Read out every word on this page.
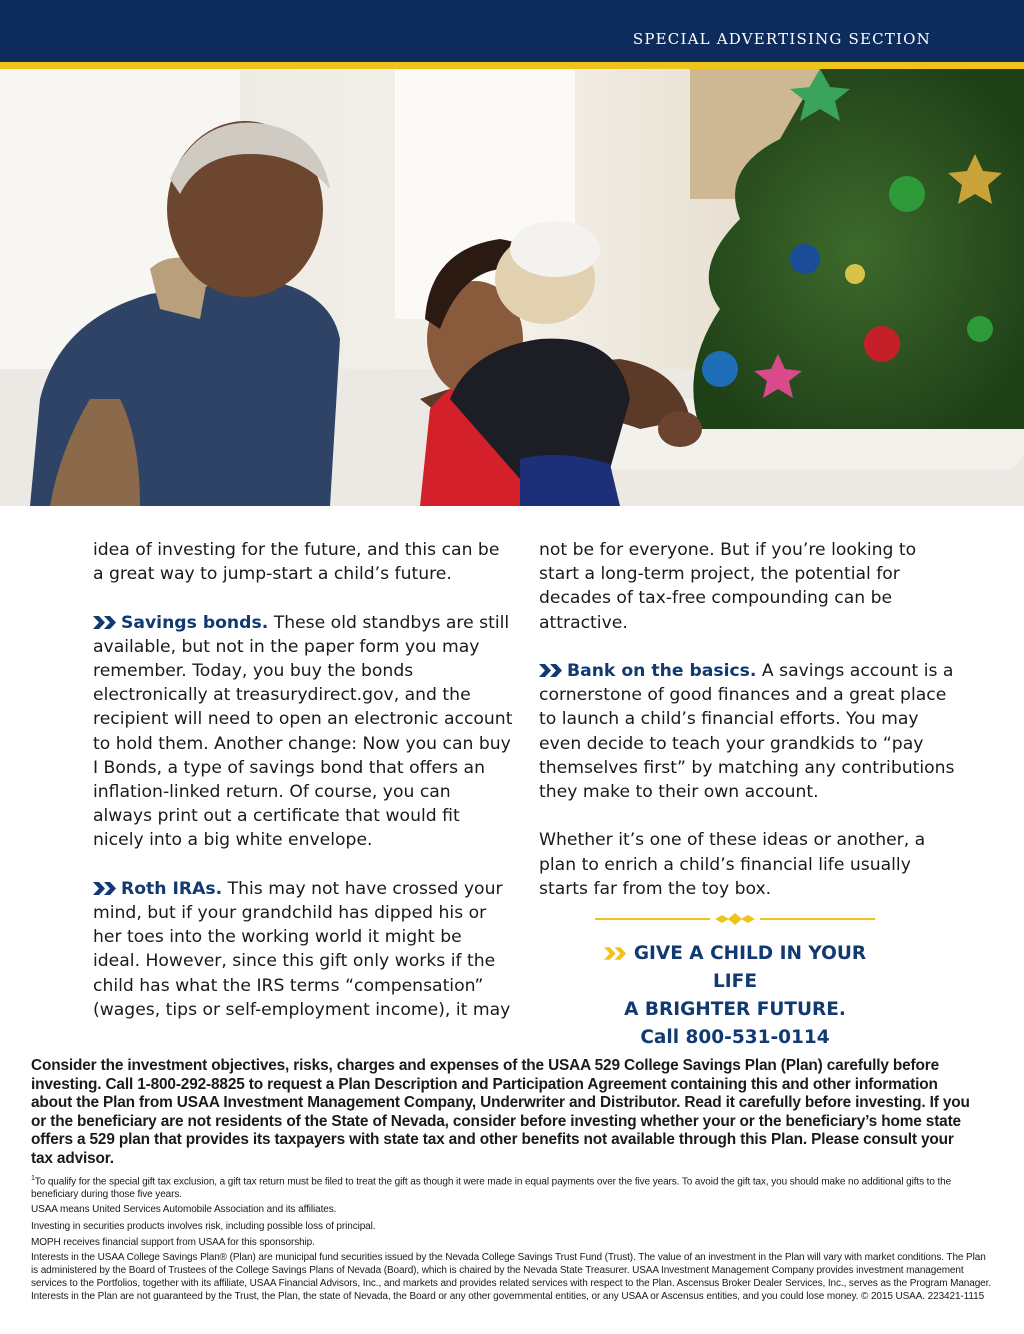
SPECIAL ADVERTISING SECTION

idea of investing for the future, and this can be a great way to jump-start a child’s future.

Savings bonds. These old standbys are still available, but not in the paper form you may remember. Today, you buy the bonds electronically at treasurydirect.gov, and the recipient will need to open an electronic account to hold them. Another change: Now you can buy I Bonds, a type of savings bond that offers an inflation-linked return. Of course, you can always print out a certificate that would fit nicely into a big white envelope.

Roth IRAs. This may not have crossed your mind, but if your grandchild has dipped his or her toes into the working world it might be ideal. However, since this gift only works if the child has what the IRS terms “compensation” (wages, tips or self-employment income), it may

not be for everyone. But if you’re looking to start a long-term project, the potential for decades of tax-free compounding can be attractive.

Bank on the basics. A savings account is a cornerstone of good finances and a great place to launch a child’s financial efforts. You may even decide to teach your grandkids to “pay themselves first” by matching any contributions they make to their own account.

Whether it’s one of these ideas or another, a plan to enrich a child’s financial life usually starts far from the toy box.

GIVE A CHILD IN YOUR LIFE
A BRIGHTER FUTURE.
Call 800-531-0114
Consider the investment objectives, risks, charges and expenses of the USAA 529 College Savings Plan (Plan) carefully before investing. Call 1-800-292-8825 to request a Plan Description and Participation Agreement containing this and other information about the Plan from USAA Investment Management Company, Underwriter and Distributor. Read it carefully before investing. If you or the beneficiary are not residents of the State of Nevada, consider before investing whether your or the beneficiary’s home state offers a 529 plan that provides its taxpayers with state tax and other benefits not available through this Plan. Please consult your tax advisor.
$^1$To qualify for the special gift tax exclusion, a gift tax return must be filed to treat the gift as though it were made in equal payments over the five years. To avoid the gift tax, you should make no additional gifts to the beneficiary during those five years.
USAA means United Services Automobile Association and its affiliates.
Investing in securities products involves risk, including possible loss of principal.
MOPH receives financial support from USAA for this sponsorship.
Interests in the USAA College Savings Plan® (Plan) are municipal fund securities issued by the Nevada College Savings Trust Fund (Trust). The value of an investment in the Plan will vary with market conditions. The Plan is administered by the Board of Trustees of the College Savings Plans of Nevada (Board), which is chaired by the Nevada State Treasurer. USAA Investment Management Company provides investment management services to the Portfolios, together with its affiliate, USAA Financial Advisors, Inc., and markets and provides related services with respect to the Plan. Ascensus Broker Dealer Services, Inc., serves as the Program Manager. Interests in the Plan are not guaranteed by the Trust, the Plan, the state of Nevada, the Board or any other governmental entities, or any USAA or Ascensus entities, and you could lose money. © 2015 USAA. 223421-1115
